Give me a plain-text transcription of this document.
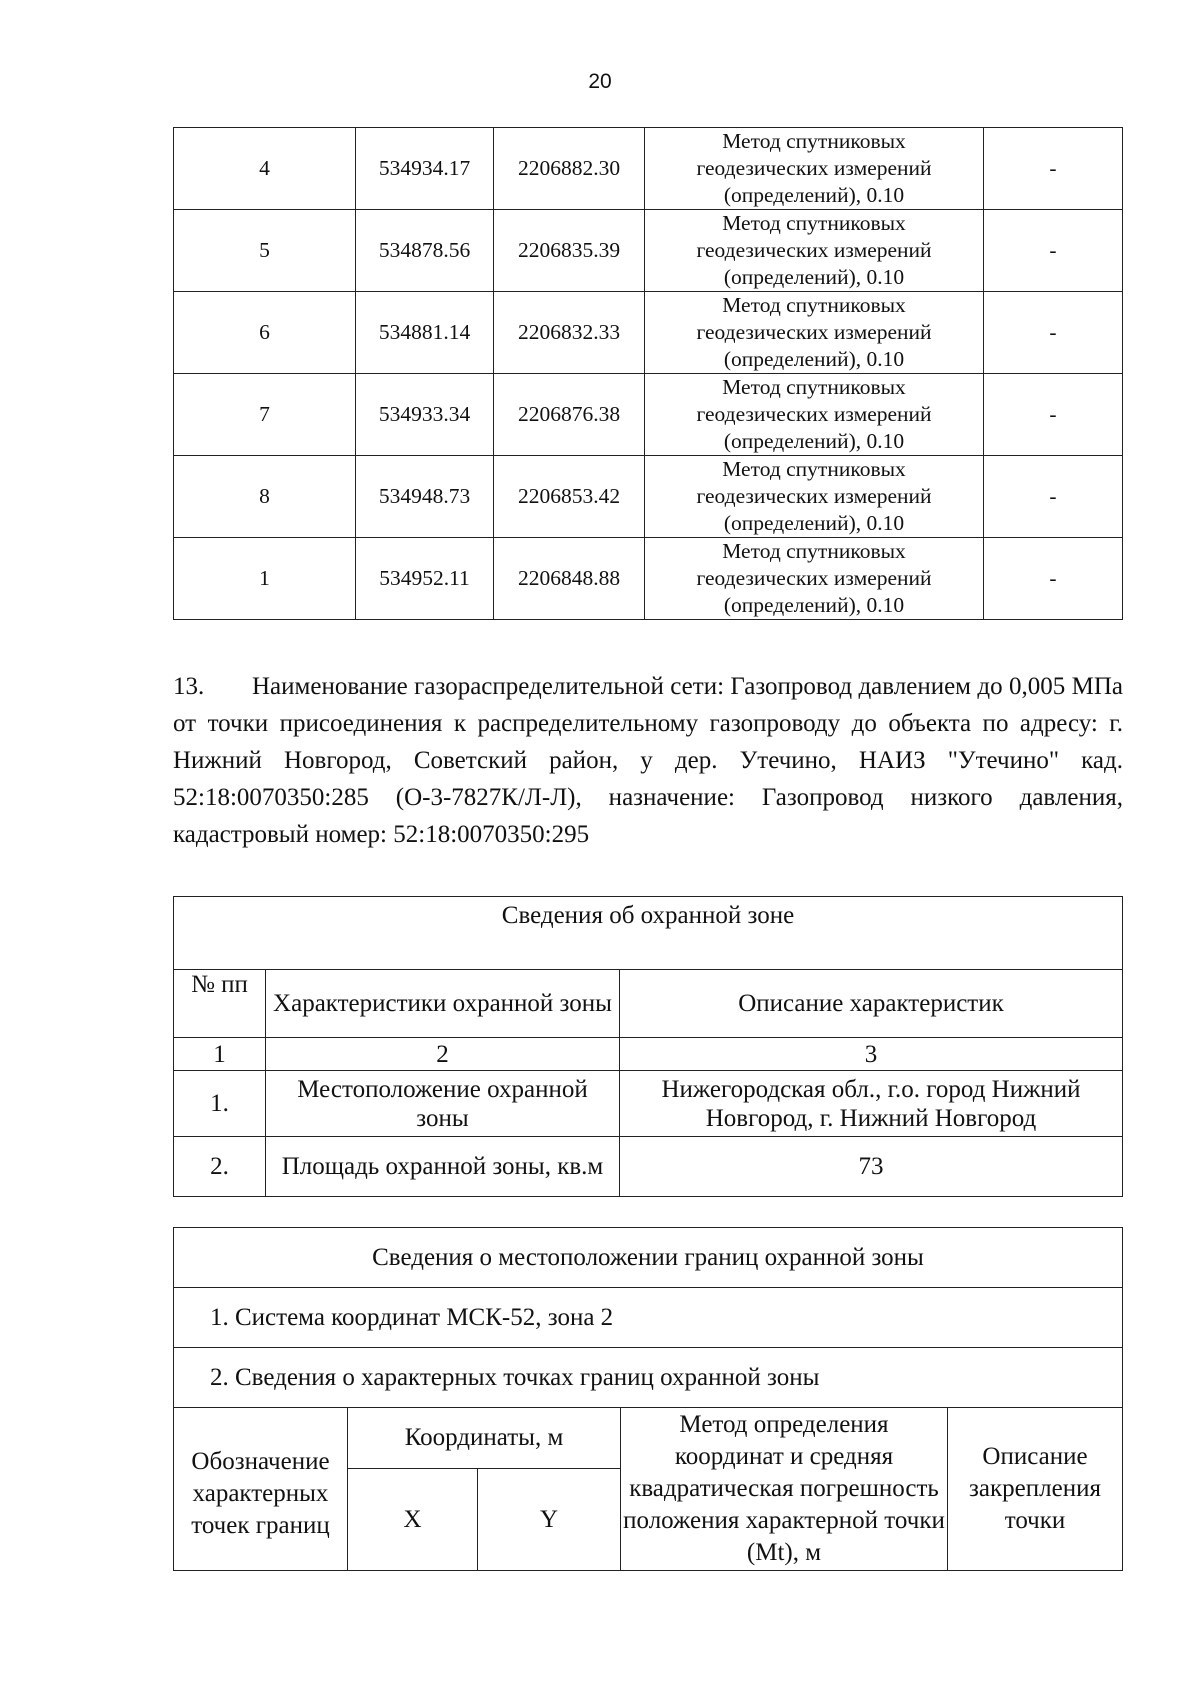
20
4	534934.17	2206882.30	Метод спутниковых
геодезических измерений
(определений), 0.10	-
5	534878.56	2206835.39	Метод спутниковых
геодезических измерений
(определений), 0.10	-
6	534881.14	2206832.33	Метод спутниковых
геодезических измерений
(определений), 0.10	-
7	534933.34	2206876.38	Метод спутниковых
геодезических измерений
(определений), 0.10	-
8	534948.73	2206853.42	Метод спутниковых
геодезических измерений
(определений), 0.10	-
1	534952.11	2206848.88	Метод спутниковых
геодезических измерений
(определений), 0.10	-

13. Наименование газораспределительной сети: Газопровод давлением до 0,005 МПа от точки присоединения к распределительному газопроводу до объекта по адресу: г. Нижний Новгород, Советский район, у дер. Утечино, НАИЗ "Утечино" кад. 52:18:0070350:285 (О-3-7827К/Л-Л), назначение: Газопровод низкого давления, кадастровый номер: 52:18:0070350:295

Сведения об охранной зоне		
№ пп	Характеристики охранной зоны	Описание характеристик
1	2	3
1.	Местоположение охранной зоны	Нижегородская обл., г.о. город Нижний Новгород, г. Нижний Новгород
2.	Площадь охранной зоны, кв.м	73
Сведения о местоположении границ охранной зоны				
1. Система координат МСК-52, зона 2				
2. Сведения о характерных точках границ охранной зоны				
Обозначение характерных точек границ	Координаты, м		Метод определения координат и средняя квадратическая погрешность положения характерной точки (Mt), м	Описание закрепления точки
	X	Y		
